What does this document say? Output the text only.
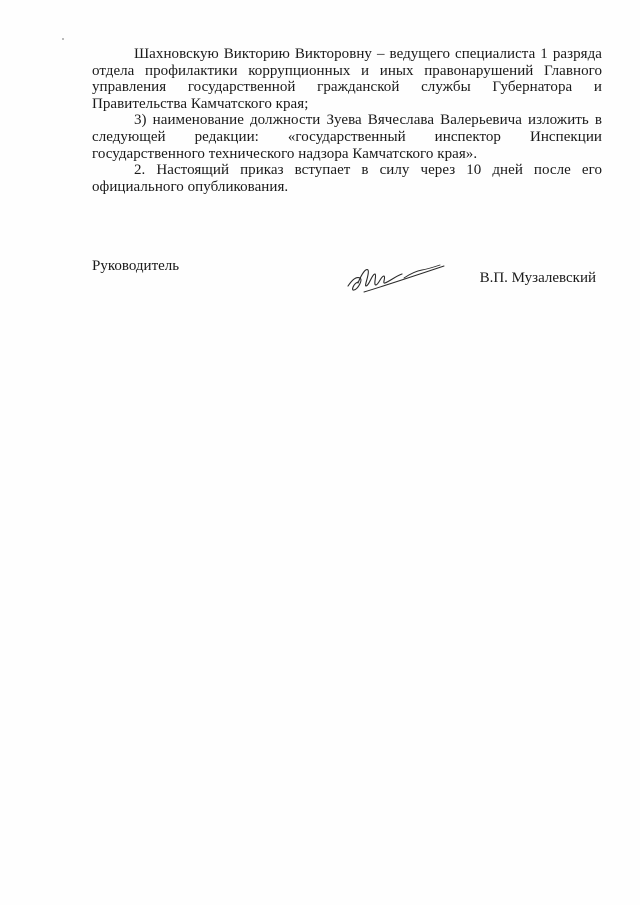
Шахновскую Викторию Викторовну – ведущего специалиста 1 разряда отдела профилактики коррупционных и иных правонарушений Главного управления государственной гражданской службы Губернатора и Правительства Камчатского края;

3) наименование должности Зуева Вячеслава Валерьевича изложить в следующей редакции: «государственный инспектор Инспекции государственного технического надзора Камчатского края».

2. Настоящий приказ вступает в силу через 10 дней после его официального опубликования.

Руководитель
В.П. Музалевский
